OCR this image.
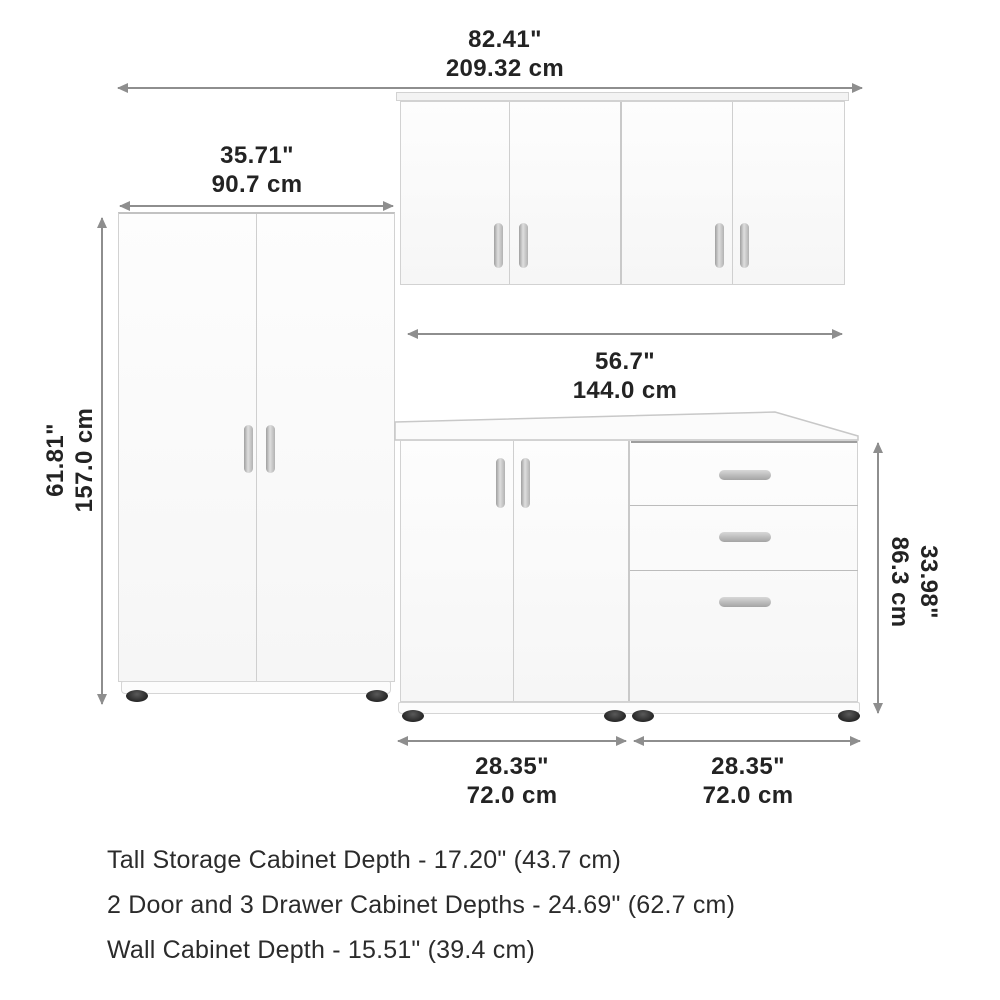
82.41"
209.32 cm
35.71"
90.7 cm
56.7"
144.0 cm
61.81" 157.0 cm
33.98"
86.3 cm
28.35"
72.0 cm
28.35"
72.0 cm
Tall Storage Cabinet Depth - 17.20" (43.7 cm)
2 Door and 3 Drawer Cabinet Depths - 24.69" (62.7 cm)
Wall Cabinet Depth - 15.51" (39.4 cm)
